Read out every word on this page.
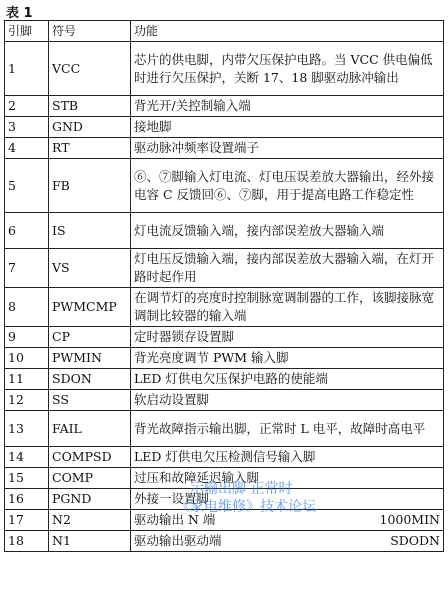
表 1
引脚	符号	功能
1	VCC	芯片的供电脚，内带欠压保护电路。当 VCC 供电偏低时进行欠压保护，关断 17、18 脚驱动脉冲输出
2	STB	背光开/关控制输入端
3	GND	接地脚
4	RT	驱动脉冲频率设置端子
5	FB	⑥、⑦脚输入灯电流、灯电压误差放大器输出，经外接电容 C 反馈回⑥、⑦脚，用于提高电路工作稳定性
6	IS	灯电流反馈输入端，接内部误差放大器输入端
7	VS	灯电压反馈输入端，接内部误差放大器输入端，在灯开路时起作用
8	PWMCMP	在调节灯的亮度时控制脉宽调制器的工作，该脚接脉宽调制比较器的输入端
9	CP	定时器锁存设置脚
10	PWMIN	背光亮度调节 PWM 输入脚
11	SDON	LED 灯供电欠压保护电路的使能端
12	SS	软启动设置脚
13	FAIL	背光故障指示输出脚，正常时 L 电平，故障时高电平
14	COMPSD	LED 灯供电欠压检测信号输入脚
15	COMP	过压和故障延迟输入脚
16	PGND	外接一设置脚
17	N2	驱动输出 N 端 1000MIN

18	N1	驱动输出驱动端 SDODN
示输出脚 正常时
《家电维修》技术论坛
